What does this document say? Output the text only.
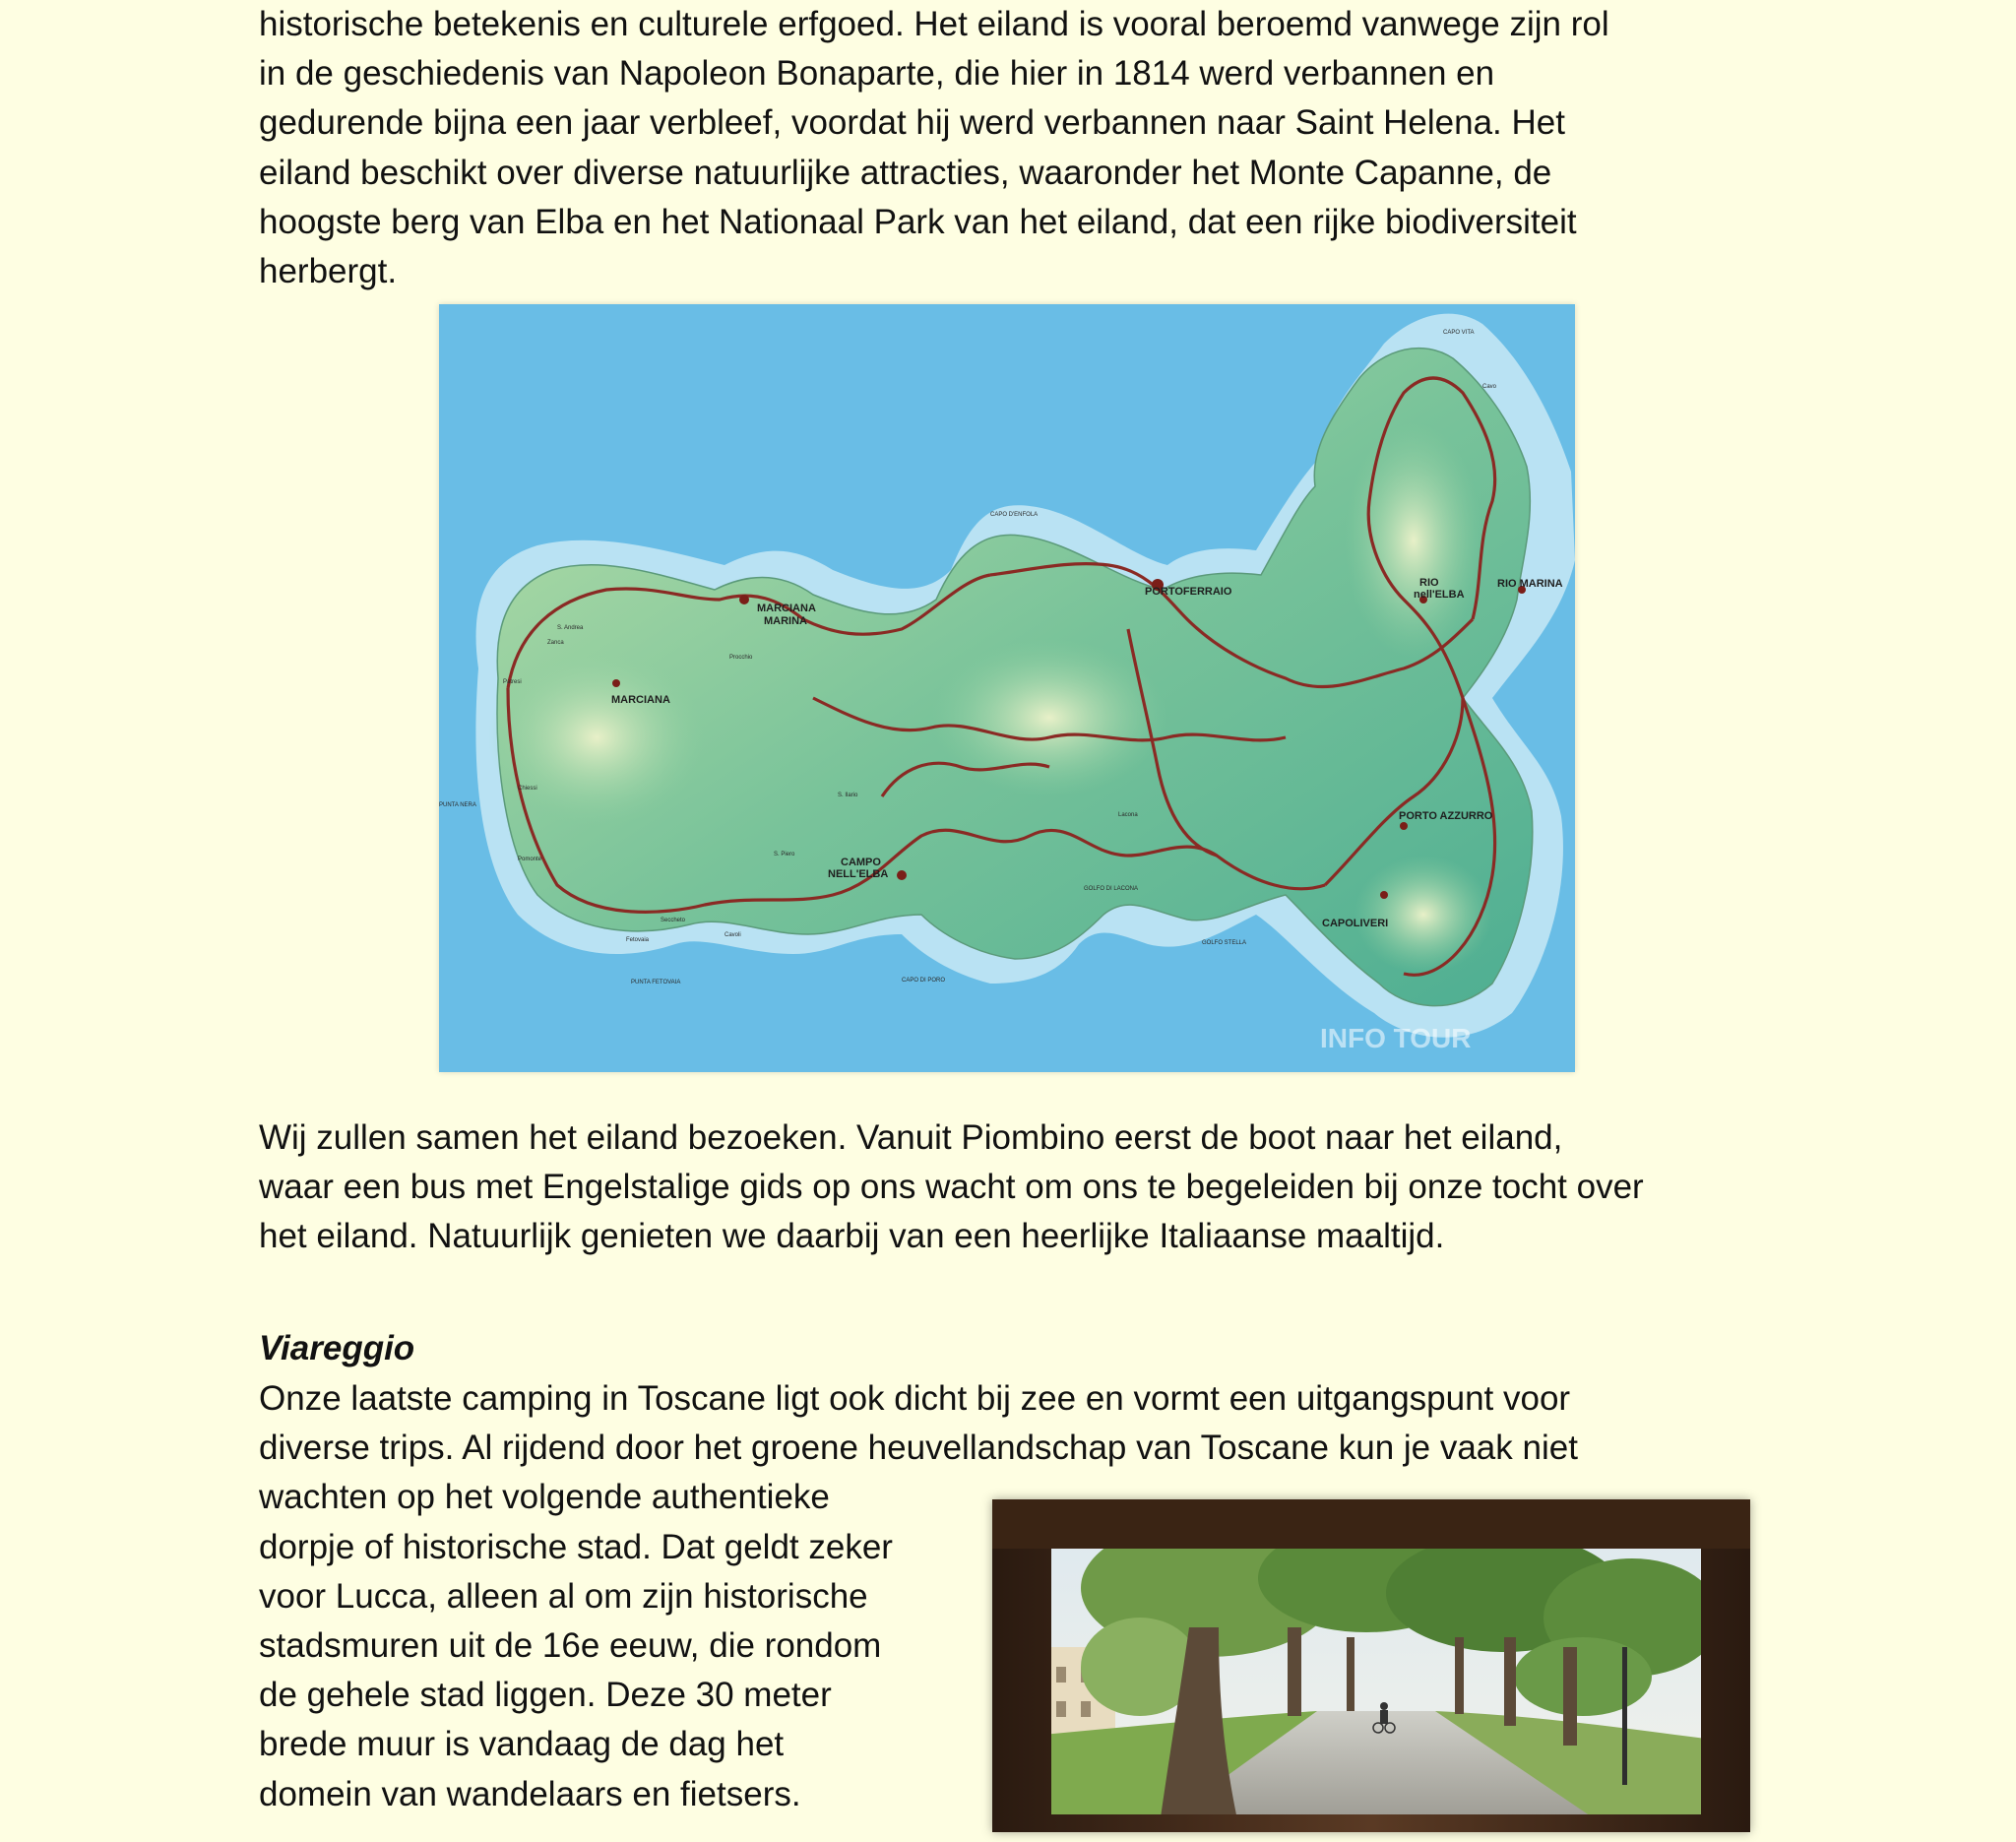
historische betekenis en culturele erfgoed. Het eiland is vooral beroemd vanwege zijn rol
in de geschiedenis van Napoleon Bonaparte, die hier in 1814 werd verbannen en
gedurende bijna een jaar verbleef, voordat hij werd verbannen naar Saint Helena. Het
eiland beschikt over diverse natuurlijke attracties, waaronder het Monte Capanne, de
hoogste berg van Elba en het Nationaal Park van het eiland, dat een rijke biodiversiteit
herbergt.

MARCIANA
MARINA
MARCIANA
PORTOFERRAIO
RIO
nell'ELBA
RIO MARINA
PORTO AZZURRO
CAMPO
NELL'ELBA
CAPOLIVERI
Pomonte
Chiessi
Patresi
Zanca
S. Andrea
Procchio
Lacona
Cavo
Seccheto
Fetovaia
Cavoli
S. Piero
S. Ilario
CAPO VITA
CAPO D'ENFOLA
PUNTA NERA
GOLFO STELLA
GOLFO DI LACONA
CAPO DI PORO
PUNTA FETOVAIA
INFO TOUR

Wij zullen samen het eiland bezoeken. Vanuit Piombino eerst de boot naar het eiland,
waar een bus met Engelstalige gids op ons wacht om ons te begeleiden bij onze tocht over
het eiland. Natuurlijk genieten we daarbij van een heerlijke Italiaanse maaltijd.

Viareggio

Onze laatste camping in Toscane ligt ook dicht bij zee en vormt een uitgangspunt voor
diverse trips. Al rijdend door het groene heuvellandschap van Toscane kun je vaak niet
wachten op het volgende authentieke
dorpje of historische stad. Dat geldt zeker
voor Lucca, alleen al om zijn historische
stadsmuren uit de 16e eeuw, die rondom
de gehele stad liggen. Deze 30 meter
brede muur is vandaag de dag het
domein van wandelaars en fietsers.
